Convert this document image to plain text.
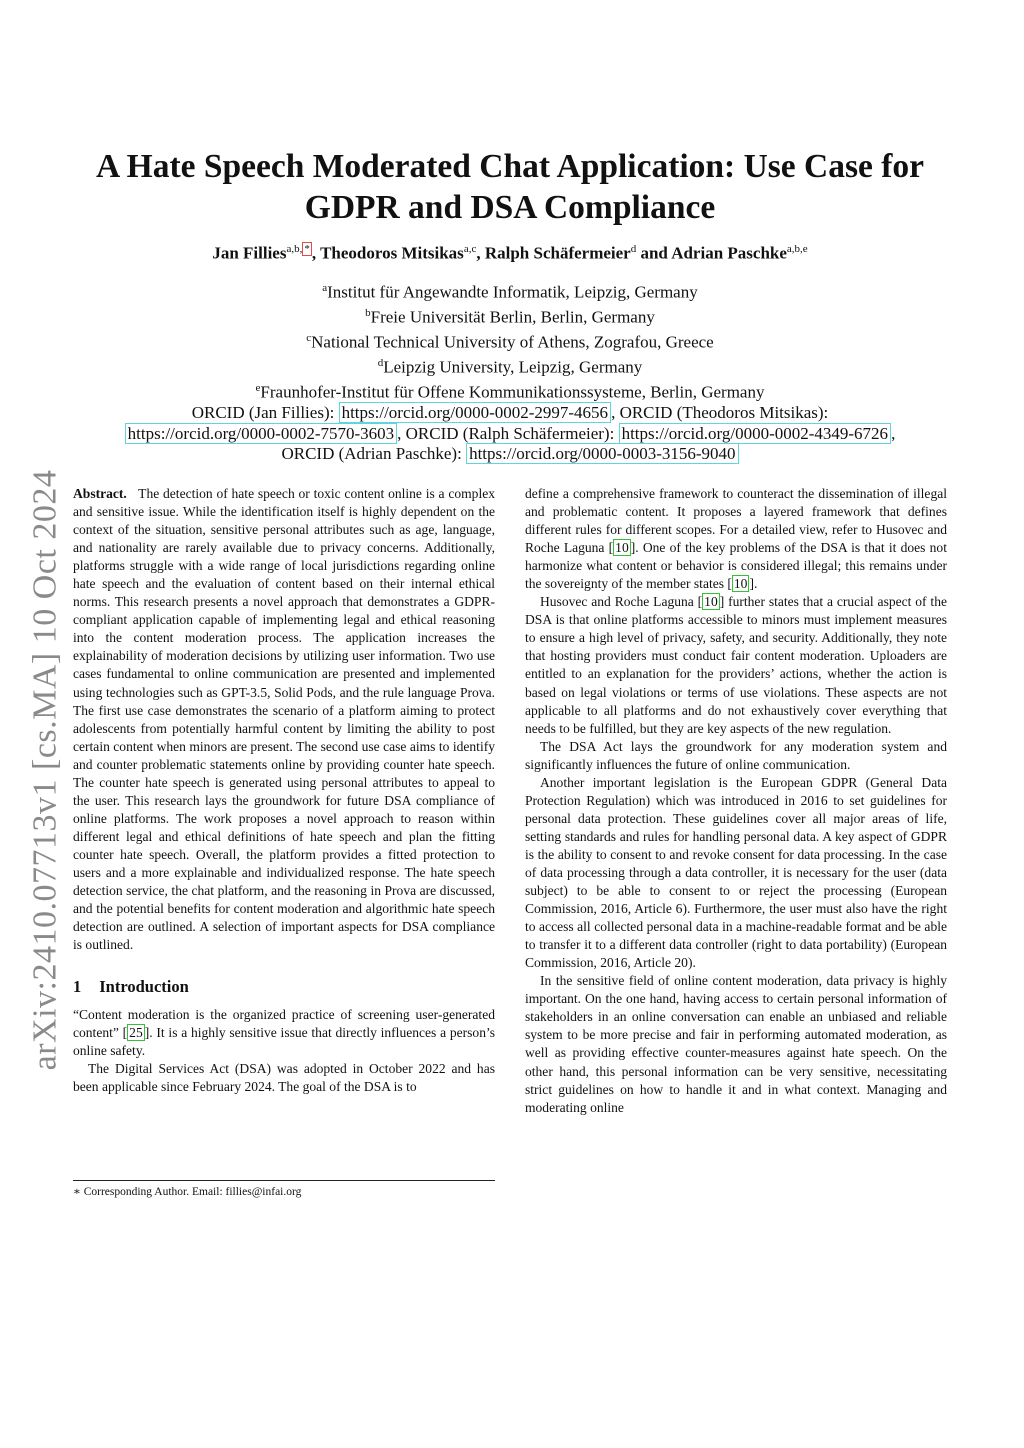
arXiv:2410.07713v1 [cs.MA] 10 Oct 2024
A Hate Speech Moderated Chat Application: Use Case for GDPR and DSA Compliance
Jan Fillies$^{a,b,}$ * , Theodoros Mitsikas$^{a,c}$, Ralph Schäfermeier$^d$ and Adrian Paschke$^{a,b,e}$
$^a$Institut für Angewandte Informatik, Leipzig, Germany
$^b$Freie Universität Berlin, Berlin, Germany
$^c$National Technical University of Athens, Zografou, Greece
$^d$Leipzig University, Leipzig, Germany
$^e$Fraunhofer-Institut für Offene Kommunikationssysteme, Berlin, Germany
ORCID (Jan Fillies): https://orcid.org/0000-0002-2997-4656 , ORCID (Theodoros Mitsikas):
https://orcid.org/0000-0002-7570-3603 , ORCID (Ralph Schäfermeier): https://orcid.org/0000-0002-4349-6726 ,
ORCID (Adrian Paschke): https://orcid.org/0000-0003-3156-9040

Abstract. The detection of hate speech or toxic content online is a complex and sensitive issue. While the identification itself is highly dependent on the context of the situation, sensitive personal attributes such as age, language, and nationality are rarely available due to privacy concerns. Additionally, platforms struggle with a wide range of local jurisdictions regarding online hate speech and the evaluation of content based on their internal ethical norms. This research presents a novel approach that demonstrates a GDPR-compliant application capable of implementing legal and ethical reasoning into the content moderation process. The application increases the explainability of moderation decisions by utilizing user information. Two use cases fundamental to online communication are presented and implemented using technologies such as GPT-3.5, Solid Pods, and the rule language Prova. The first use case demonstrates the scenario of a platform aiming to protect adolescents from potentially harmful content by limiting the ability to post certain content when minors are present. The second use case aims to identify and counter problematic statements online by providing counter hate speech. The counter hate speech is generated using personal attributes to appeal to the user. This research lays the groundwork for future DSA compliance of online platforms. The work proposes a novel approach to reason within different legal and ethical definitions of hate speech and plan the fitting counter hate speech. Overall, the platform provides a fitted protection to users and a more explainable and individualized response. The hate speech detection service, the chat platform, and the reasoning in Prova are discussed, and the potential benefits for content moderation and algorithmic hate speech detection are outlined. A selection of important aspects for DSA compliance is outlined.

1 Introduction

“Content moderation is the organized practice of screening user-generated content” [ 25 ]. It is a highly sensitive issue that directly influences a person’s online safety.

The Digital Services Act (DSA) was adopted in October 2022 and has been applicable since February 2024. The goal of the DSA is to

∗ Corresponding Author. Email: fillies@infai.org

define a comprehensive framework to counteract the dissemination of illegal and problematic content. It proposes a layered framework that defines different rules for different scopes. For a detailed view, refer to Husovec and Roche Laguna [ 10 ]. One of the key problems of the DSA is that it does not harmonize what content or behavior is considered illegal; this remains under the sovereignty of the member states [ 10 ].

Husovec and Roche Laguna [ 10 ] further states that a crucial aspect of the DSA is that online platforms accessible to minors must implement measures to ensure a high level of privacy, safety, and security. Additionally, they note that hosting providers must conduct fair content moderation. Uploaders are entitled to an explanation for the providers’ actions, whether the action is based on legal violations or terms of use violations. These aspects are not applicable to all platforms and do not exhaustively cover everything that needs to be fulfilled, but they are key aspects of the new regulation.

The DSA Act lays the groundwork for any moderation system and significantly influences the future of online communication.

Another important legislation is the European GDPR (General Data Protection Regulation) which was introduced in 2016 to set guidelines for personal data protection. These guidelines cover all major areas of life, setting standards and rules for handling personal data. A key aspect of GDPR is the ability to consent to and revoke consent for data processing. In the case of data processing through a data controller, it is necessary for the user (data subject) to be able to consent to or reject the processing (European Commission, 2016, Article 6). Furthermore, the user must also have the right to access all collected personal data in a machine-readable format and be able to transfer it to a different data controller (right to data portability) (European Commission, 2016, Article 20).

In the sensitive field of online content moderation, data privacy is highly important. On the one hand, having access to certain personal information of stakeholders in an online conversation can enable an unbiased and reliable system to be more precise and fair in performing automated moderation, as well as providing effective counter-measures against hate speech. On the other hand, this personal information can be very sensitive, necessitating strict guidelines on how to handle it and in what context. Managing and moderating online
